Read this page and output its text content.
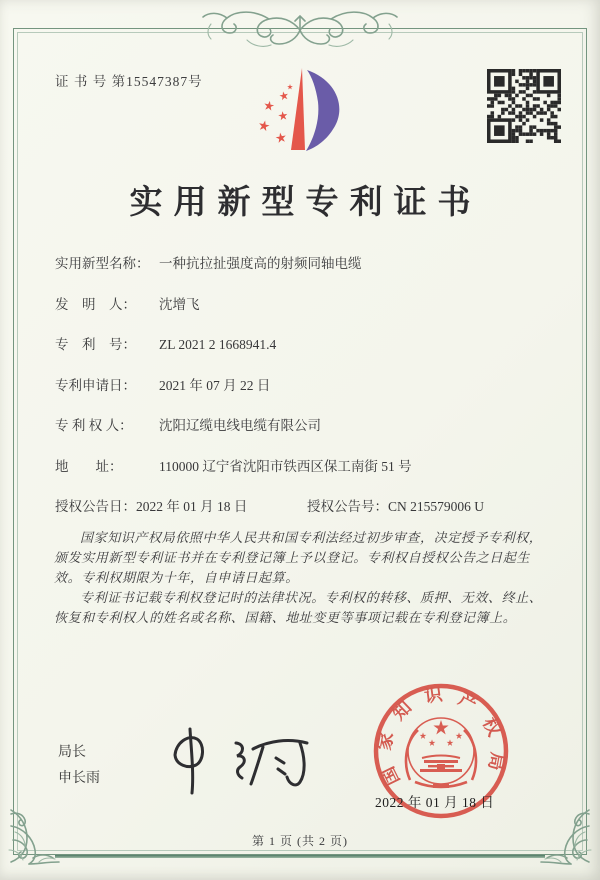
证 书 号 第15547387号
实用新型专利证书
实用新型名称： 一种抗拉扯强度高的射频同轴电缆
发　明　人： 沈增飞
专　利　号： ZL 2021 2 1668941.4
专利申请日： 2021 年 07 月 22 日
专 利 权 人： 沈阳辽缆电线电缆有限公司
地　　址：	110000 辽宁省沈阳市铁西区保工南街 51 号
授权公告日：2022 年 01 月 18 日	授权公告号：CN 215579006 U

国家知识产权局依照中华人民共和国专利法经过初步审查，决定授予专利权，颁发实用新型专利证书并在专利登记簿上予以登记。专利权自授权公告之日起生效。专利权期限为十年，自申请日起算。

专利证书记载专利权登记时的法律状况。专利权的转移、质押、无效、终止、恢复和专利权人的姓名或名称、国籍、地址变更等事项记载在专利登记簿上。

局长
申长雨	国家知识产权局
2022 年 01 月 18 日
第 1 页 (共 2 页)
